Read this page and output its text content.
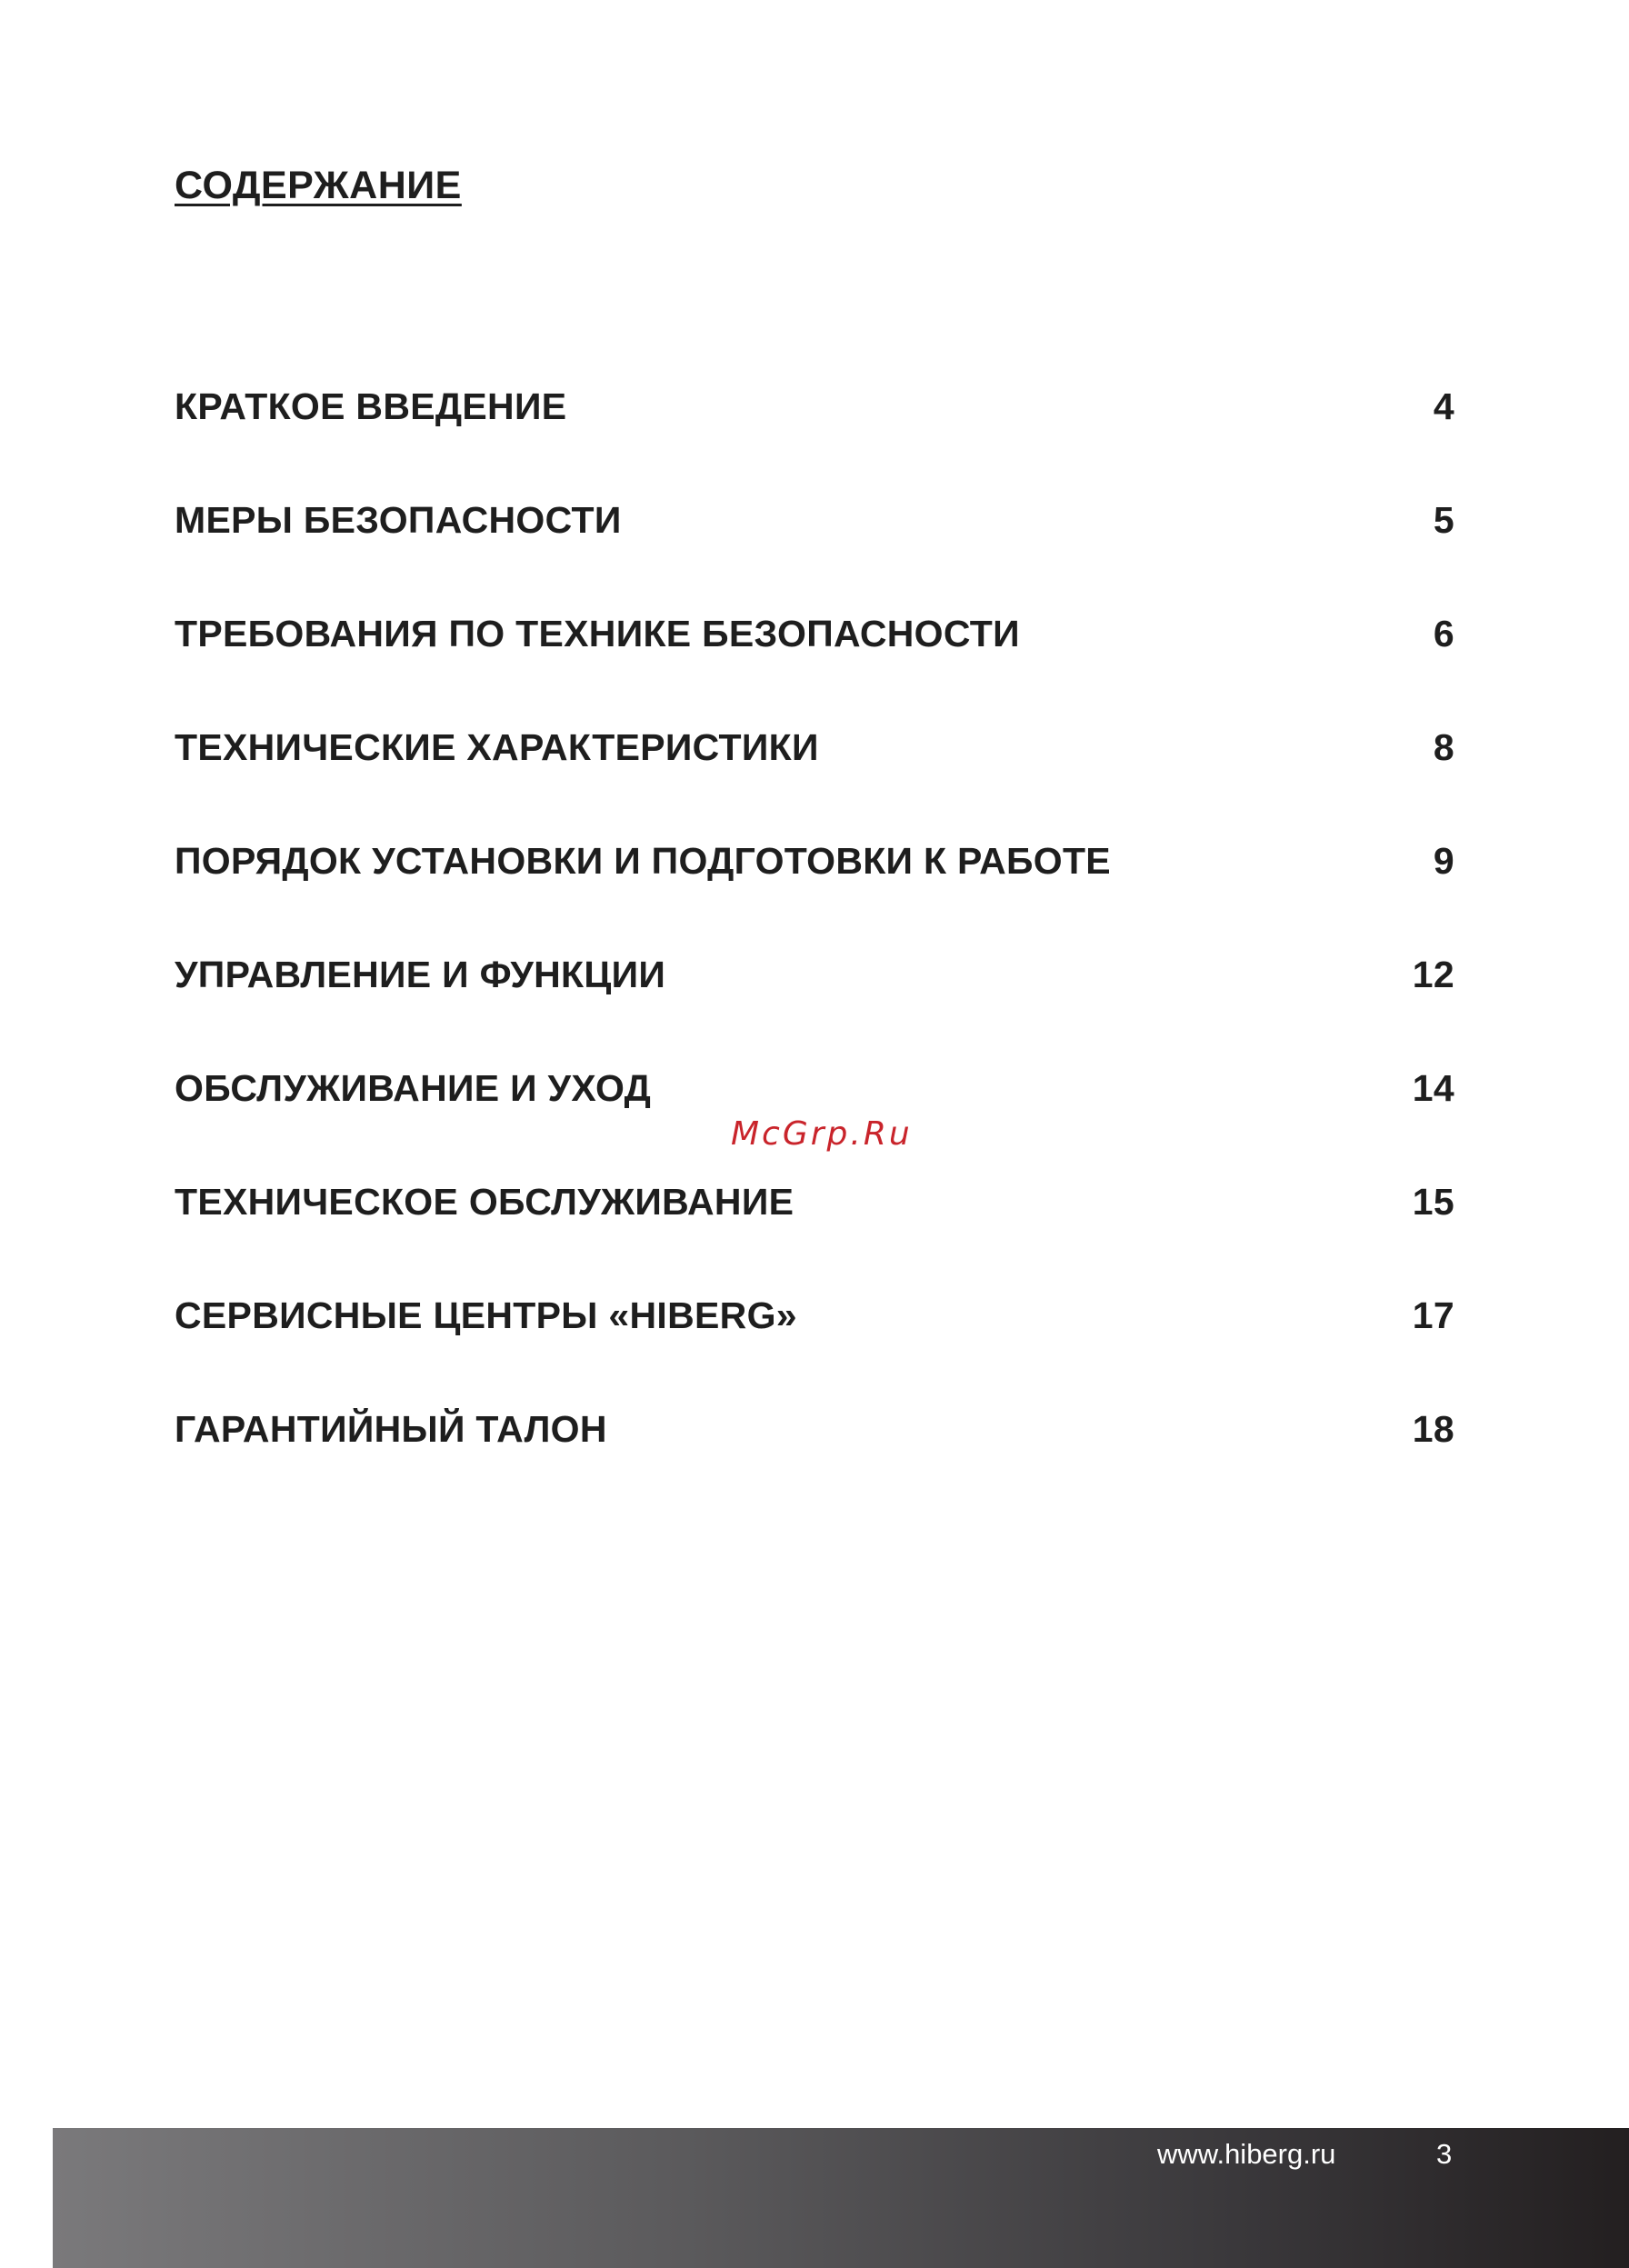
СОДЕРЖАНИЕ
КРАТКОЕ ВВЕДЕНИЕ	4
МЕРЫ БЕЗОПАСНОСТИ	5
ТРЕБОВАНИЯ ПО ТЕХНИКЕ БЕЗОПАСНОСТИ	6
ТЕХНИЧЕСКИЕ ХАРАКТЕРИСТИКИ	8
ПОРЯДОК УСТАНОВКИ И ПОДГОТОВКИ К РАБОТЕ	9
УПРАВЛЕНИЕ И ФУНКЦИИ	12
ОБСЛУЖИВАНИЕ И УХОД	14
ТЕХНИЧЕСКОЕ ОБСЛУЖИВАНИЕ	15
СЕРВИСНЫЕ ЦЕНТРЫ «HIBERG»	17
ГАРАНТИЙНЫЙ ТАЛОН	18
McGrp.Ru
www.hiberg.ru	3
